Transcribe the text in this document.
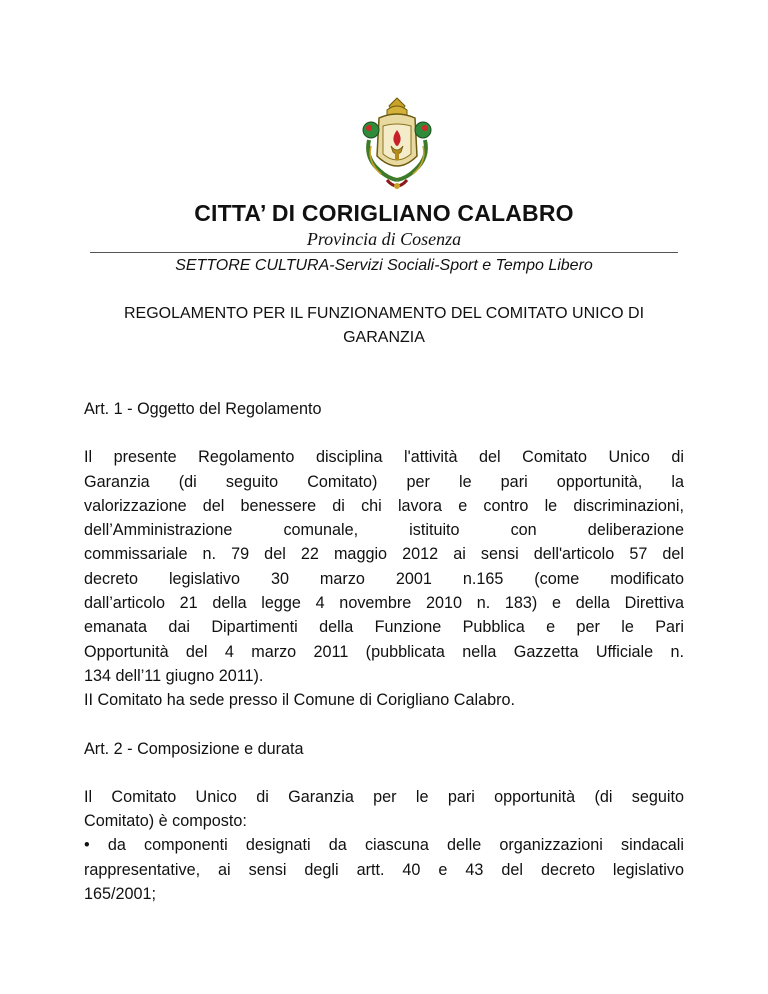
CITTA’ DI CORIGLIANO CALABRO
Provincia di Cosenza
SETTORE CULTURA-Servizi Sociali-Sport e Tempo Libero
REGOLAMENTO PER IL FUNZIONAMENTO DEL COMITATO UNICO DI
GARANZIA

Art. 1 - Oggetto del Regolamento

Il presente Regolamento disciplina l'attività del Comitato Unico di
Garanzia (di seguito Comitato) per le pari opportunità, la
valorizzazione del benessere di chi lavora e contro le discriminazioni,
dell’Amministrazione comunale, istituito con deliberazione
commissariale n. 79 del 22 maggio 2012 ai sensi dell'articolo 57 del
decreto legislativo 30 marzo 2001 n.165 (come modificato
dall’articolo 21 della legge 4 novembre 2010 n. 183) e della Direttiva
emanata dai Dipartimenti della Funzione Pubblica e per le Pari
Opportunità del 4 marzo 2011 (pubblicata nella Gazzetta Ufficiale n.
134 dell’11 giugno 2011).
II Comitato ha sede presso il Comune di Corigliano Calabro.

Art. 2 - Composizione e durata

Il Comitato Unico di Garanzia per le pari opportunità (di seguito
Comitato) è composto:
• da componenti designati da ciascuna delle organizzazioni sindacali
rappresentative, ai sensi degli artt. 40 e 43 del decreto legislativo
165/2001;
